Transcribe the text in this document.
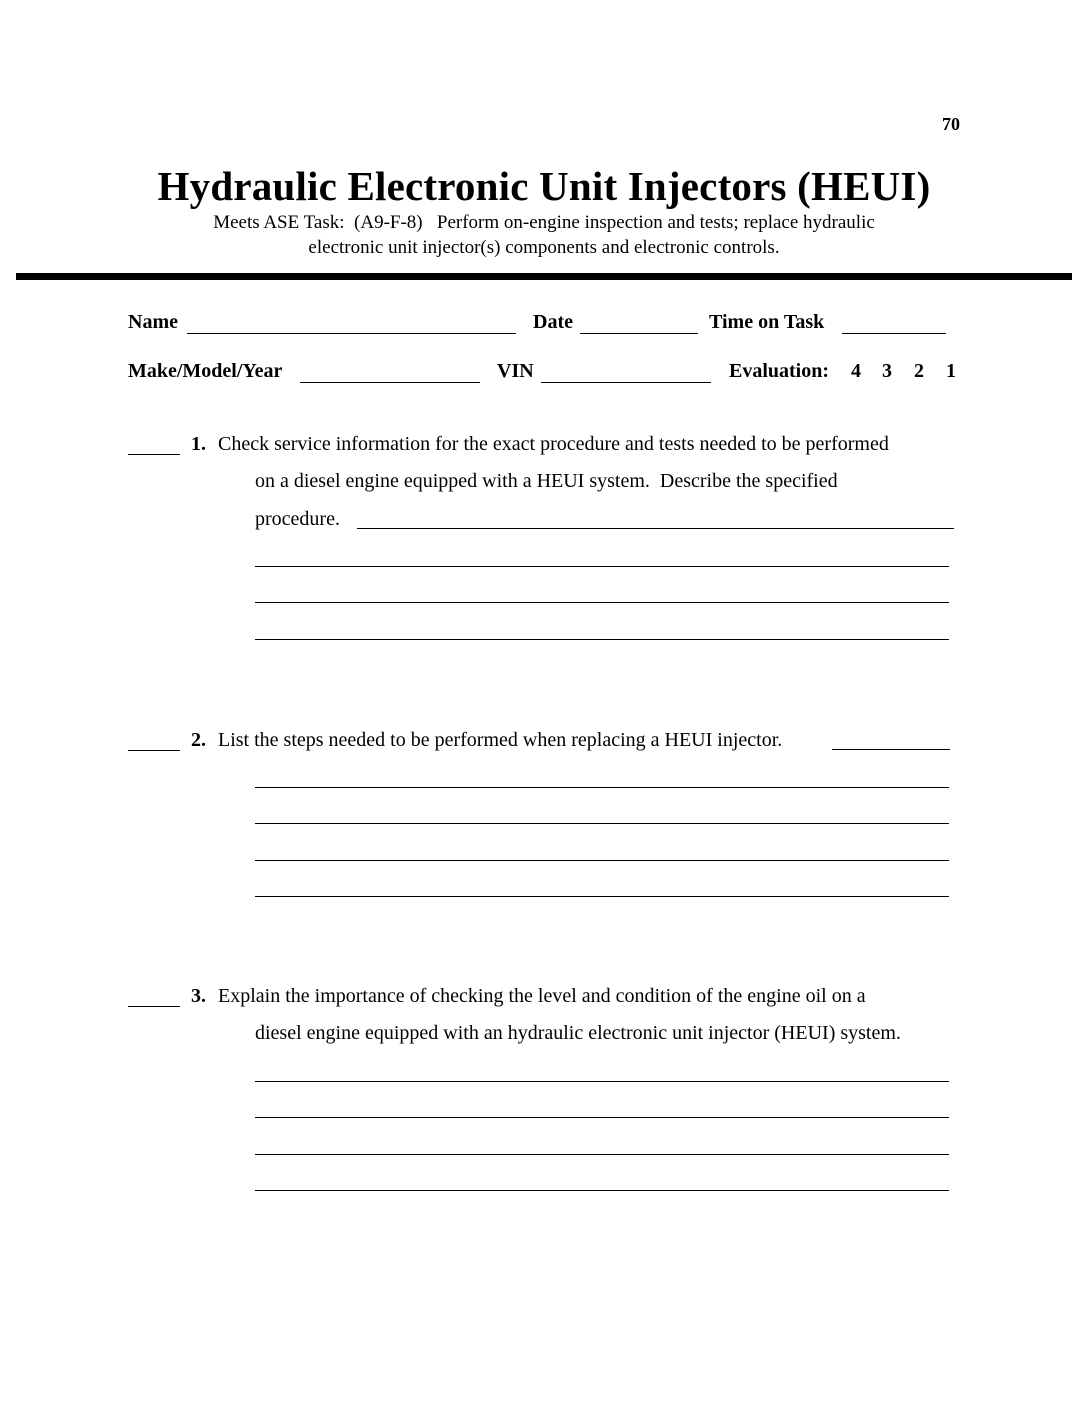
70
Hydraulic Electronic Unit Injectors (HEUI)
Meets ASE Task:  (A9-F-8)   Perform on-engine inspection and tests; replace hydraulic
electronic unit injector(s) components and electronic controls.
Name	Date	Time on Task
Make/Model/Year	VIN	Evaluation: 4 3 2 1
1. Check service information for the exact procedure and tests needed to be performed
on a diesel engine equipped with a HEUI system.  Describe the specified
procedure.
2. List the steps needed to be performed when replacing a HEUI injector.
3. Explain the importance of checking the level and condition of the engine oil on a
diesel engine equipped with an hydraulic electronic unit injector (HEUI) system.
